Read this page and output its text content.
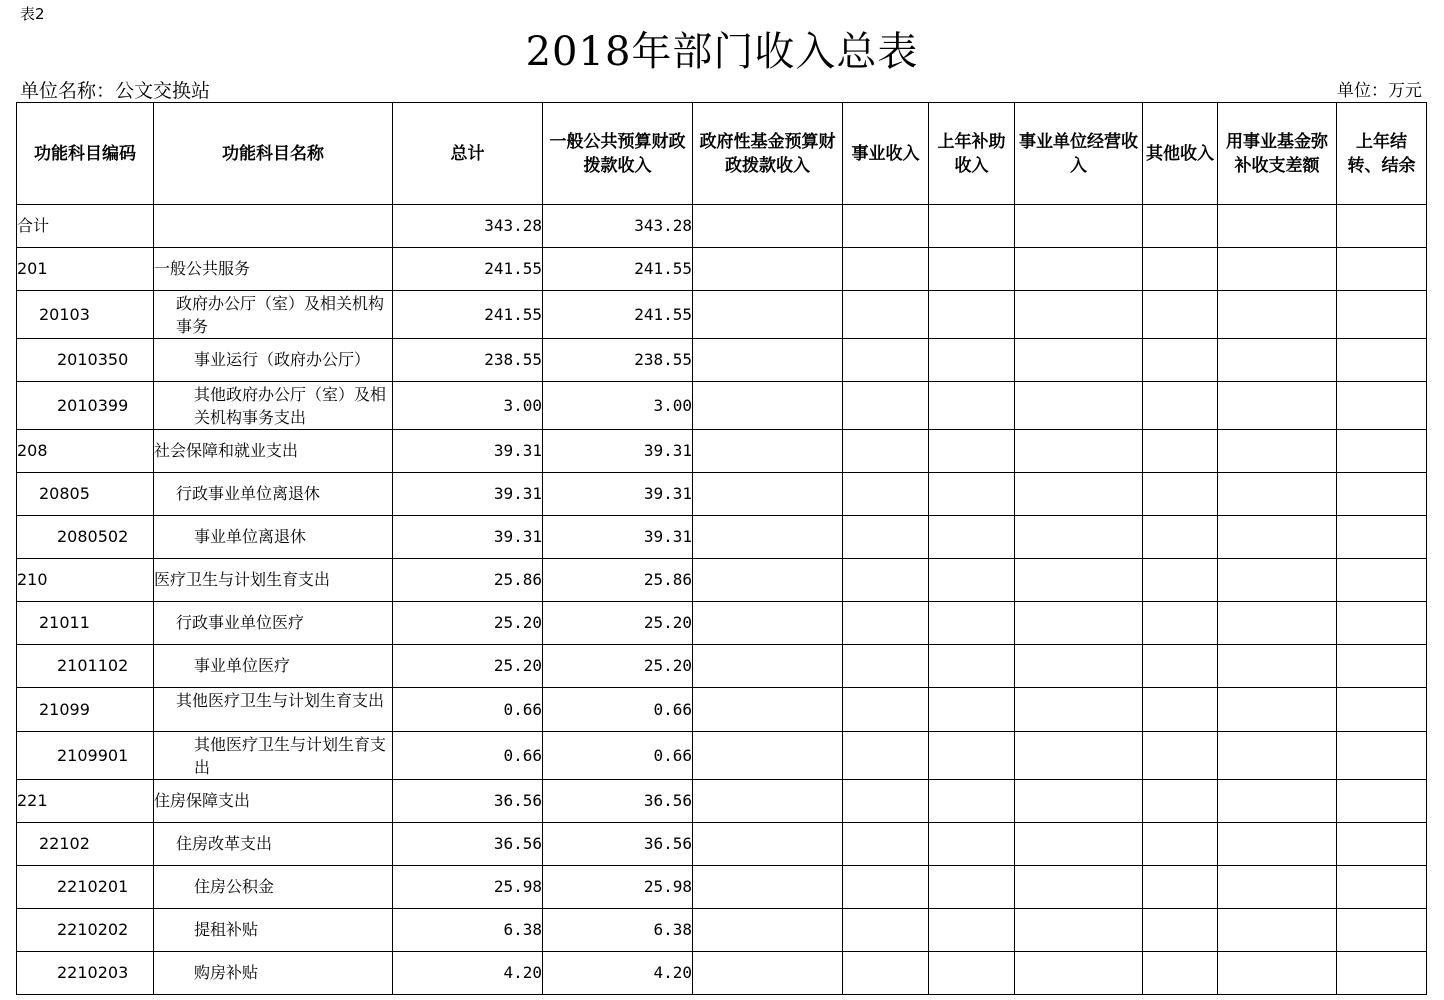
表2
2018年部门收入总表
单位名称：公文交换站	单位：万元
功能科目编码	功能科目名称	总计	一般公共预算财政拨款收入	政府性基金预算财政拨款收入	事业收入	上年补助收入	事业单位经营收入	其他收入	用事业基金弥补收支差额	上年结转、结余
合计		343.28	343.28							
201	一般公共服务	241.55	241.55							
20103	政府办公厅（室）及相关机构事务	241.55	241.55							
2010350	事业运行（政府办公厅）	238.55	238.55							
2010399	其他政府办公厅（室）及相关机构事务支出	3.00	3.00							
208	社会保障和就业支出	39.31	39.31							
20805	行政事业单位离退休	39.31	39.31							
2080502	事业单位离退休	39.31	39.31							
210	医疗卫生与计划生育支出	25.86	25.86							
21011	行政事业单位医疗	25.20	25.20							
2101102	事业单位医疗	25.20	25.20							
21099	其他医疗卫生与计划生育支出	0.66	0.66							
2109901	其他医疗卫生与计划生育支出	0.66	0.66							
221	住房保障支出	36.56	36.56							
22102	住房改革支出	36.56	36.56							
2210201	住房公积金	25.98	25.98							
2210202	提租补贴	6.38	6.38							
2210203	购房补贴	4.20	4.20							
